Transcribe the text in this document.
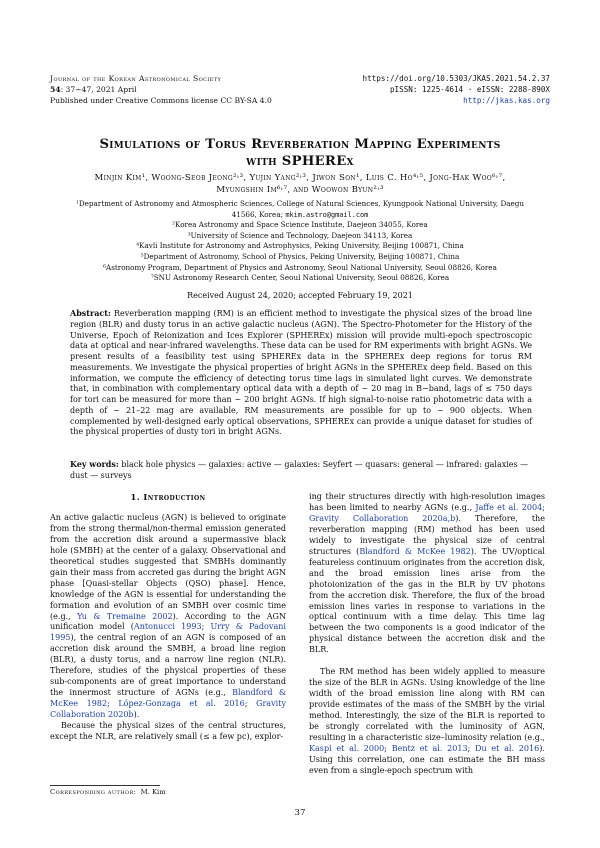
Journal of the Korean Astronomical Society
54: 37∼47, 2021 April
Published under Creative Commons license CC BY-SA 4.0
https://doi.org/10.5303/JKAS.2021.54.2.37
pISSN: 1225-4614 · eISSN: 2288-890X
http://jkas.kas.org
Simulations of Torus Reverberation Mapping Experiments
with SPHEREx
Minjin Kim¹, Woong-Seob Jeong²˒³, Yujin Yang²˒³, Jiwon Son¹, Luis C. Ho⁴˒⁵, Jong-Hak Woo⁶˒⁷,
Myungshin Im⁶˒⁷, and Woowon Byun²˒³
¹Department of Astronomy and Atmospheric Sciences, College of Natural Sciences, Kyungpook National University, Daegu
41566, Korea; mkim.astro@gmail.com
²Korea Astronomy and Space Science Institute, Daejeon 34055, Korea
³University of Science and Technology, Daejeon 34113, Korea
⁴Kavli Institute for Astronomy and Astrophysics, Peking University, Beijing 100871, China
⁵Department of Astronomy, School of Physics, Peking University, Beijing 100871, China
⁶Astronomy Program, Department of Physics and Astronomy, Seoul National University, Seoul 08826, Korea
⁷SNU Astronomy Research Center, Seoul National University, Seoul 08826, Korea
Received August 24, 2020; accepted February 19, 2021
Abstract: Reverberation mapping (RM) is an efficient method to investigate the physical sizes of the broad line region (BLR) and dusty torus in an active galactic nucleus (AGN). The Spectro-Photometer for the History of the Universe, Epoch of Reionization and Ices Explorer (SPHEREx) mission will provide multi-epoch spectroscopic data at optical and near-infrared wavelengths. These data can be used for RM experiments with bright AGNs. We present results of a feasibility test using SPHEREx data in the SPHEREx deep regions for torus RM measurements. We investigate the physical properties of bright AGNs in the SPHEREx deep field. Based on this information, we compute the efficiency of detecting torus time lags in simulated light curves. We demonstrate that, in combination with complementary optical data with a depth of ∼ 20 mag in B−band, lags of ≤ 750 days for tori can be measured for more than ∼ 200 bright AGNs. If high signal-to-noise ratio photometric data with a depth of ∼ 21–22 mag are available, RM measurements are possible for up to ∼ 900 objects. When complemented by well-designed early optical observations, SPHEREx can provide a unique dataset for studies of the physical properties of dusty tori in bright AGNs.
Key words: black hole physics — galaxies: active — galaxies: Seyfert — quasars: general — infrared: galaxies — dust — surveys
1. Introduction

An active galactic nucleus (AGN) is believed to originate from the strong thermal/non-thermal emission generated from the accretion disk around a supermassive black hole (SMBH) at the center of a galaxy. Observational and theoretical studies suggested that SMBHs dominantly gain their mass from accreted gas during the bright AGN phase [Quasi-stellar Objects (QSO) phase]. Hence, knowledge of the AGN is essential for understanding the formation and evolution of an SMBH over cosmic time (e.g., Yu & Tremaine 2002). According to the AGN unification model (Antonucci 1993; Urry & Padovani 1995), the central region of an AGN is composed of an accretion disk around the SMBH, a broad line region (BLR), a dusty torus, and a narrow line region (NLR). Therefore, studies of the physical properties of these sub-components are of great importance to understand the innermost structure of AGNs (e.g., Blandford & McKee 1982; López-Gonzaga et al. 2016; Gravity Collaboration 2020b).

Because the physical sizes of the central structures, except the NLR, are relatively small (≤ a few pc), explor-

ing their structures directly with high-resolution images has been limited to nearby AGNs (e.g., Jaffe et al. 2004; Gravity Collaboration 2020a,b). Therefore, the reverberation mapping (RM) method has been used widely to investigate the physical size of central structures (Blandford & McKee 1982). The UV/optical featureless continuum originates from the accretion disk, and the broad emission lines arise from the photoionization of the gas in the BLR by UV photons from the accretion disk. Therefore, the flux of the broad emission lines varies in response to variations in the optical continuum with a time delay. This time lag between the two components is a good indicator of the physical distance between the accretion disk and the BLR.

The RM method has been widely applied to measure the size of the BLR in AGNs. Using knowledge of the line width of the broad emission line along with RM can provide estimates of the mass of the SMBH by the virial method. Interestingly, the size of the BLR is reported to be strongly correlated with the luminosity of AGN, resulting in a characteristic size–luminosity relation (e.g., Kaspi et al. 2000; Bentz et al. 2013; Du et al. 2016). Using this correlation, one can estimate the BH mass even from a single-epoch spectrum with

Corresponding author: M. Kim
37
